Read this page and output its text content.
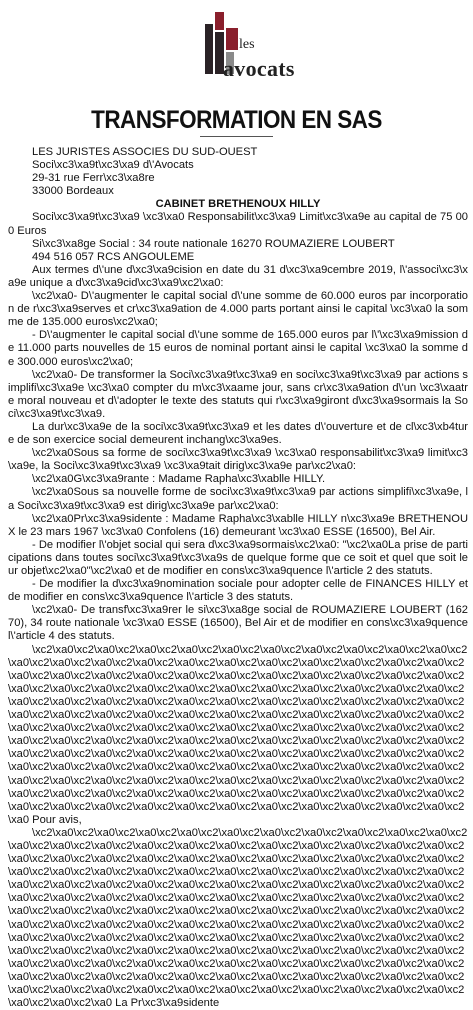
les
avocats
TRANSFORMATION EN SAS

LES JURISTES ASSOCIES DU SUD-OUEST

Soci\xc3\xa9t\xc3\xa9 d\'Avocats

29-31 rue Ferr\xc3\xa8re

33000 Bordeaux

CABINET BRETHENOUX HILLY

Soci\xc3\xa9t\xc3\xa9 \xc3\xa0 Responsabilit\xc3\xa9 Limit\xc3\xa9e au capital de 75 000 Euros

Si\xc3\xa8ge Social : 34 route nationale 16270 ROUMAZIERE LOUBERT

494 516 057 RCS ANGOULEME

Aux termes d\'une d\xc3\xa9cision en date du 31 d\xc3\xa9cembre 2019, l\'associ\xc3\xa9e unique a d\xc3\xa9cid\xc3\xa9\xc2\xa0:

\xc2\xa0- D\'augmenter le capital social d\'une somme de 60.000 euros par incorporation de r\xc3\xa9serves et cr\xc3\xa9ation de 4.000 parts portant ainsi le capital \xc3\xa0 la somme de 135.000 euros\xc2\xa0;

- D\'augmenter le capital social d\'une somme de 165.000 euros par l\'\xc3\xa9mission de 11.000 parts nouvelles de 15 euros de nominal portant ainsi le capital \xc3\xa0 la somme de 300.000 euros\xc2\xa0;

\xc2\xa0- De transformer la Soci\xc3\xa9t\xc3\xa9 en soci\xc3\xa9t\xc3\xa9 par actions simplifi\xc3\xa9e \xc3\xa0 compter du m\xc3\xaame jour, sans cr\xc3\xa9ation d\'un \xc3\xaatre moral nouveau et d\'adopter le texte des statuts qui r\xc3\xa9giront d\xc3\xa9sormais la Soci\xc3\xa9t\xc3\xa9.

La dur\xc3\xa9e de la soci\xc3\xa9t\xc3\xa9 et les dates d\'ouverture et de cl\xc3\xb4ture de son exercice social demeurent inchang\xc3\xa9es.

\xc2\xa0Sous sa forme de soci\xc3\xa9t\xc3\xa9 \xc3\xa0 responsabilit\xc3\xa9 limit\xc3\xa9e, la Soci\xc3\xa9t\xc3\xa9 \xc3\xa9tait dirig\xc3\xa9e par\xc2\xa0:

\xc2\xa0G\xc3\xa9rante : Madame Rapha\xc3\xablle HILLY.

\xc2\xa0Sous sa nouvelle forme de soci\xc3\xa9t\xc3\xa9 par actions simplifi\xc3\xa9e, la Soci\xc3\xa9t\xc3\xa9 est dirig\xc3\xa9e par\xc2\xa0:

\xc2\xa0Pr\xc3\xa9sidente : Madame Rapha\xc3\xablle HILLY n\xc3\xa9e BRETHENOUX le 23 mars 1967 \xc3\xa0 Confolens (16) demeurant \xc3\xa0 ESSE (16500), Bel Air.

- De modifier l\'objet social qui sera d\xc3\xa9sormais\xc2\xa0: "\xc2\xa0La prise de participations dans toutes soci\xc3\xa9t\xc3\xa9s de quelque forme que ce soit et quel que soit leur objet\xc2\xa0"\xc2\xa0 et de modifier en cons\xc3\xa9quence l\'article 2 des statuts.

- De modifier la d\xc3\xa9nomination sociale pour adopter celle de FINANCES HILLY et de modifier en cons\xc3\xa9quence l\'article 3 des statuts.

\xc2\xa0- De transf\xc3\xa9rer le si\xc3\xa8ge social de ROUMAZIERE LOUBERT (16270), 34 route nationale \xc3\xa0 ESSE (16500), Bel Air et de modifier en cons\xc3\xa9quence l\'article 4 des statuts.

\xc2\xa0\xc2\xa0\xc2\xa0\xc2\xa0\xc2\xa0\xc2\xa0\xc2\xa0\xc2\xa0\xc2\xa0\xc2\xa0\xc2\xa0\xc2\xa0\xc2\xa0\xc2\xa0\xc2\xa0\xc2\xa0\xc2\xa0\xc2\xa0\xc2\xa0\xc2\xa0\xc2\xa0\xc2\xa0\xc2\xa0\xc2\xa0\xc2\xa0\xc2\xa0\xc2\xa0\xc2\xa0\xc2\xa0\xc2\xa0\xc2\xa0\xc2\xa0\xc2\xa0\xc2\xa0\xc2\xa0\xc2\xa0\xc2\xa0\xc2\xa0\xc2\xa0\xc2\xa0\xc2\xa0\xc2\xa0\xc2\xa0\xc2\xa0\xc2\xa0\xc2\xa0\xc2\xa0\xc2\xa0\xc2\xa0\xc2\xa0\xc2\xa0\xc2\xa0\xc2\xa0\xc2\xa0\xc2\xa0\xc2\xa0\xc2\xa0\xc2\xa0\xc2\xa0\xc2\xa0\xc2\xa0\xc2\xa0\xc2\xa0\xc2\xa0\xc2\xa0\xc2\xa0\xc2\xa0\xc2\xa0\xc2\xa0\xc2\xa0\xc2\xa0\xc2\xa0\xc2\xa0\xc2\xa0\xc2\xa0\xc2\xa0\xc2\xa0\xc2\xa0\xc2\xa0\xc2\xa0\xc2\xa0\xc2\xa0\xc2\xa0\xc2\xa0\xc2\xa0\xc2\xa0\xc2\xa0\xc2\xa0\xc2\xa0\xc2\xa0\xc2\xa0\xc2\xa0\xc2\xa0\xc2\xa0\xc2\xa0\xc2\xa0\xc2\xa0\xc2\xa0\xc2\xa0\xc2\xa0\xc2\xa0\xc2\xa0\xc2\xa0\xc2\xa0\xc2\xa0\xc2\xa0\xc2\xa0\xc2\xa0\xc2\xa0\xc2\xa0\xc2\xa0\xc2\xa0\xc2\xa0\xc2\xa0\xc2\xa0\xc2\xa0\xc2\xa0\xc2\xa0\xc2\xa0\xc2\xa0\xc2\xa0\xc2\xa0\xc2\xa0\xc2\xa0\xc2\xa0\xc2\xa0\xc2\xa0\xc2\xa0\xc2\xa0\xc2\xa0\xc2\xa0\xc2\xa0\xc2\xa0\xc2\xa0\xc2\xa0\xc2\xa0\xc2\xa0\xc2\xa0\xc2\xa0\xc2\xa0\xc2\xa0\xc2\xa0\xc2\xa0 Pour avis,

\xc2\xa0\xc2\xa0\xc2\xa0\xc2\xa0\xc2\xa0\xc2\xa0\xc2\xa0\xc2\xa0\xc2\xa0\xc2\xa0\xc2\xa0\xc2\xa0\xc2\xa0\xc2\xa0\xc2\xa0\xc2\xa0\xc2\xa0\xc2\xa0\xc2\xa0\xc2\xa0\xc2\xa0\xc2\xa0\xc2\xa0\xc2\xa0\xc2\xa0\xc2\xa0\xc2\xa0\xc2\xa0\xc2\xa0\xc2\xa0\xc2\xa0\xc2\xa0\xc2\xa0\xc2\xa0\xc2\xa0\xc2\xa0\xc2\xa0\xc2\xa0\xc2\xa0\xc2\xa0\xc2\xa0\xc2\xa0\xc2\xa0\xc2\xa0\xc2\xa0\xc2\xa0\xc2\xa0\xc2\xa0\xc2\xa0\xc2\xa0\xc2\xa0\xc2\xa0\xc2\xa0\xc2\xa0\xc2\xa0\xc2\xa0\xc2\xa0\xc2\xa0\xc2\xa0\xc2\xa0\xc2\xa0\xc2\xa0\xc2\xa0\xc2\xa0\xc2\xa0\xc2\xa0\xc2\xa0\xc2\xa0\xc2\xa0\xc2\xa0\xc2\xa0\xc2\xa0\xc2\xa0\xc2\xa0\xc2\xa0\xc2\xa0\xc2\xa0\xc2\xa0\xc2\xa0\xc2\xa0\xc2\xa0\xc2\xa0\xc2\xa0\xc2\xa0\xc2\xa0\xc2\xa0\xc2\xa0\xc2\xa0\xc2\xa0\xc2\xa0\xc2\xa0\xc2\xa0\xc2\xa0\xc2\xa0\xc2\xa0\xc2\xa0\xc2\xa0\xc2\xa0\xc2\xa0\xc2\xa0\xc2\xa0\xc2\xa0\xc2\xa0\xc2\xa0\xc2\xa0\xc2\xa0\xc2\xa0\xc2\xa0\xc2\xa0\xc2\xa0\xc2\xa0\xc2\xa0\xc2\xa0\xc2\xa0\xc2\xa0\xc2\xa0\xc2\xa0\xc2\xa0\xc2\xa0\xc2\xa0\xc2\xa0\xc2\xa0\xc2\xa0\xc2\xa0\xc2\xa0\xc2\xa0\xc2\xa0\xc2\xa0\xc2\xa0\xc2\xa0\xc2\xa0\xc2\xa0\xc2\xa0\xc2\xa0\xc2\xa0\xc2\xa0\xc2\xa0\xc2\xa0\xc2\xa0\xc2\xa0\xc2\xa0\xc2\xa0\xc2\xa0\xc2\xa0\xc2\xa0 La Pr\xc3\xa9sidente
